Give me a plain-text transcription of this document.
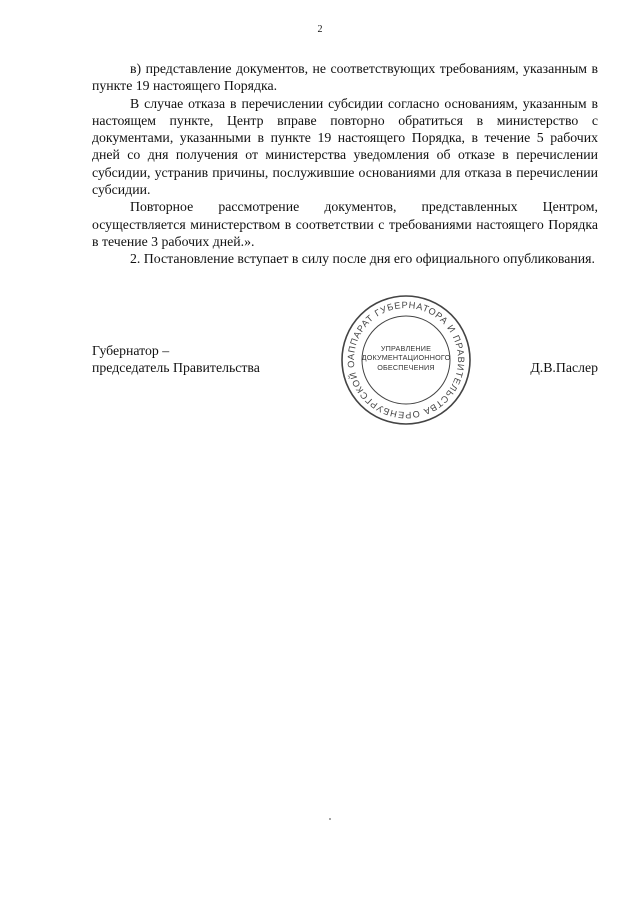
2

в) представление документов, не соответствующих требованиям, указанным в пункте 19 настоящего Порядка.

В случае отказа в перечислении субсидии согласно основаниям, указанным в настоящем пункте, Центр вправе повторно обратиться в министерство с документами, указанными в пункте 19 настоящего Порядка, в течение 5 рабочих дней со дня получения от министерства уведомления об отказе в перечислении субсидии, устранив причины, послужившие основаниями для отказа в перечислении субсидии.

Повторное рассмотрение документов, представленных Центром, осуществляется министерством в соответствии с требованиями настоящего Порядка в течение 3 рабочих дней.».

2. Постановление вступает в силу после дня его официального опубликования.

Губернатор –
председатель Правительства
АППАРАТ ГУБЕРНАТОРА И ПРАВИТЕЛЬСТВА ОРЕНБУРГСКОЙ О
УПРАВЛЕНИЕ
ДОКУМЕНТАЦИОННОГО
ОБЕСПЕЧЕНИЯ	Д.В.Паслер
